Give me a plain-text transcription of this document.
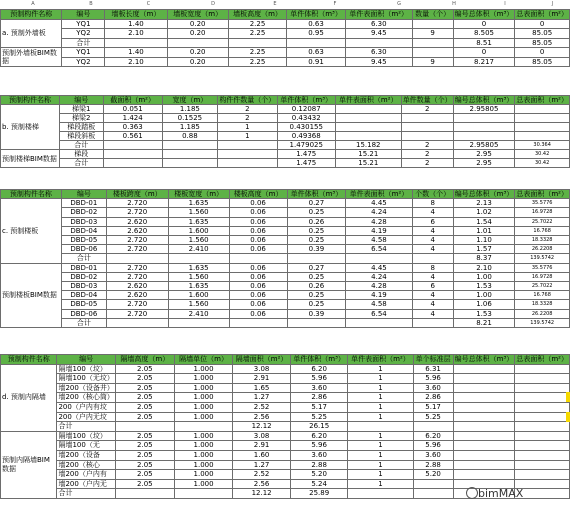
A	B	C	D	E	F	G	H	I	J
预制构件名称	编号	墙板长度（m）	墙板宽度（m）	墙板高度（m）	单件体积（m³）	单件表面积（m²）	数量（个）	编号总体积（m³）	总表面积（m²）
a. 预制外墙板	YQ1	1.40	0.20	2.25	0.63	6.30		0	0
	YQ2	2.10	0.20	2.25	0.95	9.45	9	8.505	85.05
	合计							8.51	85.05
预制外墙板BIM数据	YQ1	1.40	0.20	2.25	0.63	6.30		0	0
	YQ2	2.10	0.20	2.25	0.91	9.45	9	8.217	85.05
预制构件名称	编号	截面积（m²）	宽度（m）	构件件数量（个）	单件体积（m³）	单件表面积（m²）	单件数量（个）	编号总体积（m³）	总表面积（m²）
b. 预制楼梯	梯梁1	0.051	1.185	2	0.12087		2	2.95805	
	梯梁2	1.424	0.1525	2	0.43432				
	梯段踏板	0.363	1.185	1	0.430155				
	梯段斜板	0.561	0.88	1	0.49368				
	合计				1.479025	15.182	2	2.95805	30.364
预制楼梯BIM数据	梯段				1.475	15.21	2	2.95	30.42
	合计				1.475	15.21	2	2.95	30.42
预制构件名称	编号	楼板跨度（m）	楼板宽度（m）	楼板高度（m）	单件体积（m³）	单件表面积（m²）	个数（个）	编号总体积（m³）	总表面积（m²）
c. 预制楼板	DBD-01	2.720	1.635	0.06	0.27	4.45	8	2.13	35.5776
	DBD-02	2.720	1.560	0.06	0.25	4.24	4	1.02	16.9728
	DBD-03	2.620	1.635	0.06	0.26	4.28	6	1.54	25.7022
	DBD-04	2.620	1.600	0.06	0.25	4.19	4	1.01	16.768
	DBD-05	2.720	1.560	0.06	0.25	4.58	4	1.10	18.3328
	DBD-06	2.720	2.410	0.06	0.39	6.54	4	1.57	26.2208
	合计							8.37	139.5742
预制楼板BIM数据	DBD-01	2.720	1.635	0.06	0.27	4.45	8	2.10	35.5776
	DBD-02	2.720	1.560	0.06	0.25	4.24	4	1.00	16.9728
	DBD-03	2.620	1.635	0.06	0.26	4.28	6	1.53	25.7022
	DBD-04	2.620	1.600	0.06	0.25	4.19	4	1.00	16.768
	DBD-05	2.720	1.560	0.06	0.25	4.58	4	1.06	18.3328
	DBD-06	2.720	2.410	0.06	0.39	6.54	4	1.53	26.2208
	合计							8.21	139.5742
预制构件名称	编号	隔墙高度（m）	隔墙单位（m）	隔墙面积（m²）	单件体积（m³）	单件表面积（m²）	单个标准层	编号总体积（m³）	总表面积（m²）
d. 预制内隔墙	隔墙100（坟）	2.05	1.000	3.08	6.20	1	6.31		
	隔墙100（无坟）	2.05	1.000	2.91	5.96	1	5.96		
	墙200（设备井）	2.05	1.000	1.65	3.60	1	3.60		
	墙200（核心筒）	2.05	1.000	1.27	2.86	1	2.86		
	200（户内有坟	2.05	1.000	2.52	5.17	1	5.17		
	200（户内无坟	2.05	1.000	2.56	5.25	1	5.25		
	合计			12.12	26.15				
预制内隔墙BIM数据	隔墙100（坟）	2.05	1.000	3.08	6.20	1	6.20		
	隔墙100（无	2.05	1.000	2.91	5.96	1	5.96		
	墙200（设备	2.05	1.000	1.60	3.60	1	3.60		
	墙200（核心	2.05	1.000	1.27	2.88	1	2.88		
	墙200（户内有	2.05	1.000	2.52	5.20	1	5.20		
	墙200（户内无	2.05	1.000	2.56	5.24	1			
	合计			12.12	25.89					bimMAX
